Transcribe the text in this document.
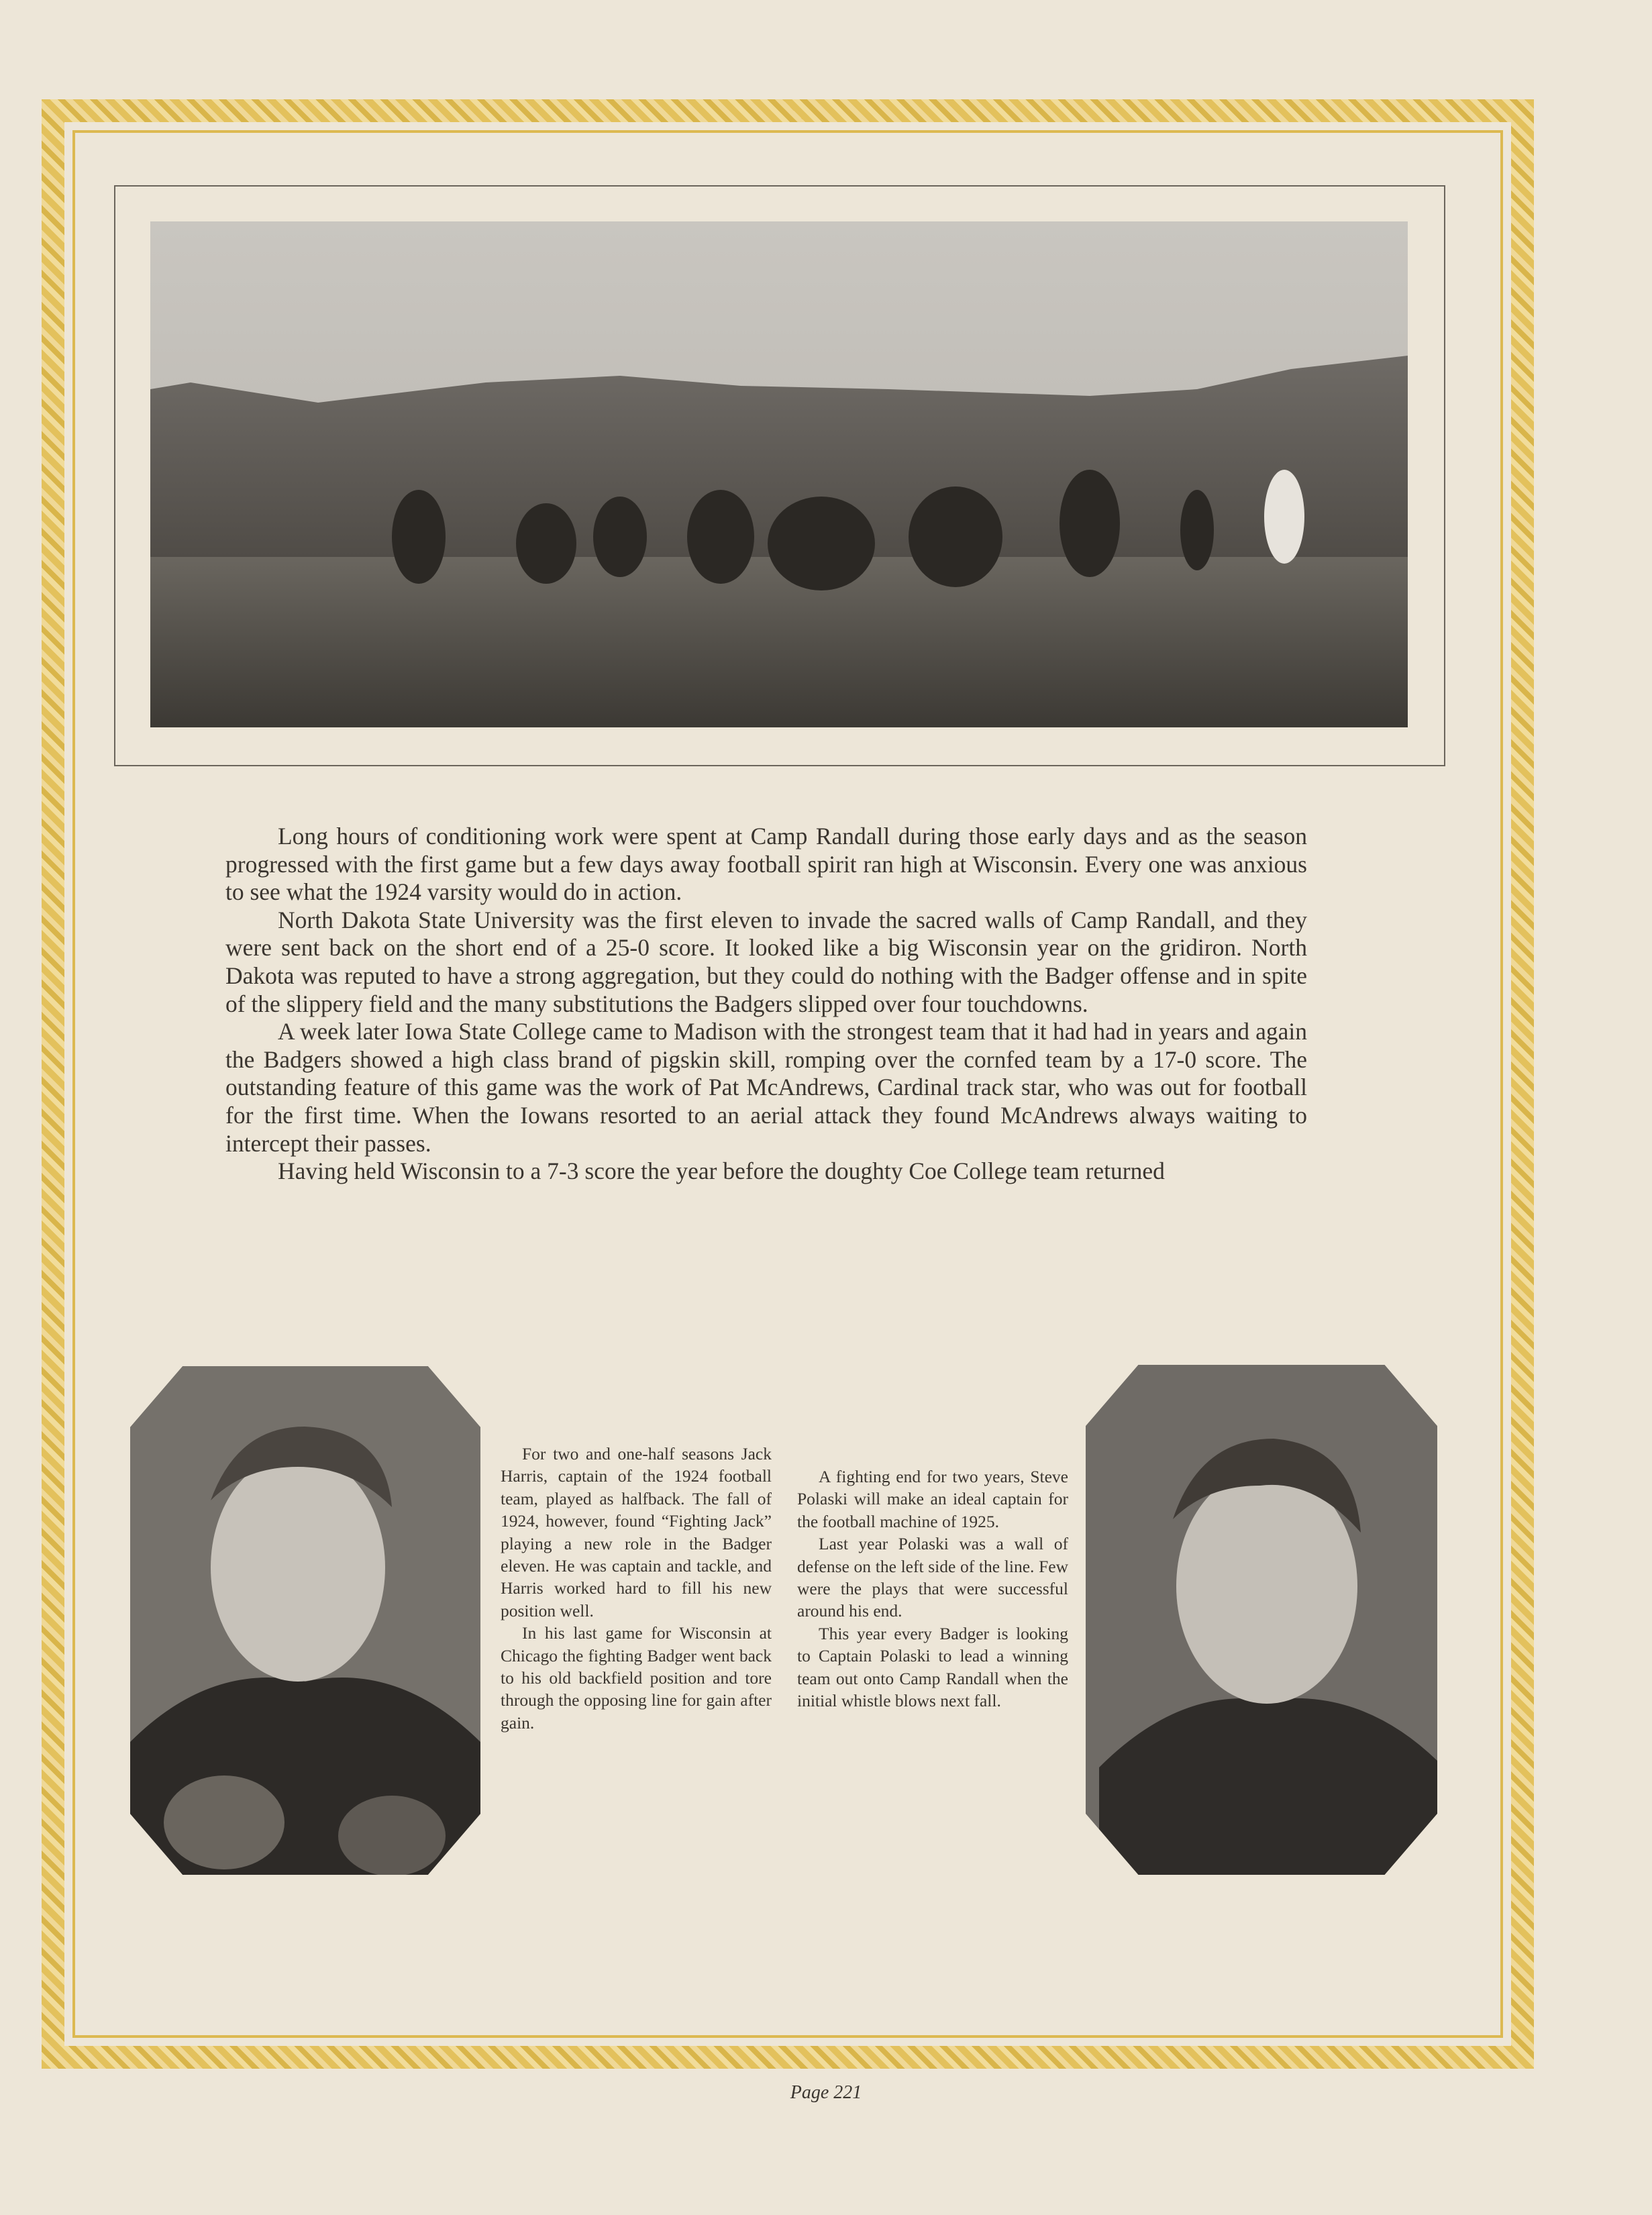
Long hours of conditioning work were spent at Camp Randall during those early days and as the season progressed with the first game but a few days away football spirit ran high at Wisconsin. Every one was anxious to see what the 1924 varsity would do in action.

North Dakota State University was the first eleven to invade the sacred walls of Camp Randall, and they were sent back on the short end of a 25-0 score. It looked like a big Wisconsin year on the gridiron. North Dakota was reputed to have a strong aggregation, but they could do nothing with the Badger offense and in spite of the slippery field and the many substitutions the Badgers slipped over four touchdowns.

A week later Iowa State College came to Madison with the strongest team that it had had in years and again the Badgers showed a high class brand of pigskin skill, romping over the cornfed team by a 17-0 score. The outstanding feature of this game was the work of Pat McAndrews, Cardinal track star, who was out for football for the first time. When the Iowans resorted to an aerial attack they found McAndrews always waiting to intercept their passes.

Having held Wisconsin to a 7-3 score the year before the doughty Coe College team returned

For two and one-half seasons Jack Harris, captain of the 1924 football team, played as halfback. The fall of 1924, however, found “Fighting Jack” playing a new role in the Badger eleven. He was captain and tackle, and Harris worked hard to fill his new position well.

In his last game for Wisconsin at Chicago the fighting Badger went back to his old backfield position and tore through the opposing line for gain after gain.

A fighting end for two years, Steve Polaski will make an ideal captain for the football machine of 1925.

Last year Polaski was a wall of defense on the left side of the line. Few were the plays that were successful around his end.

This year every Badger is looking to Captain Polaski to lead a winning team out onto Camp Randall when the initial whistle blows next fall.

Page 221
